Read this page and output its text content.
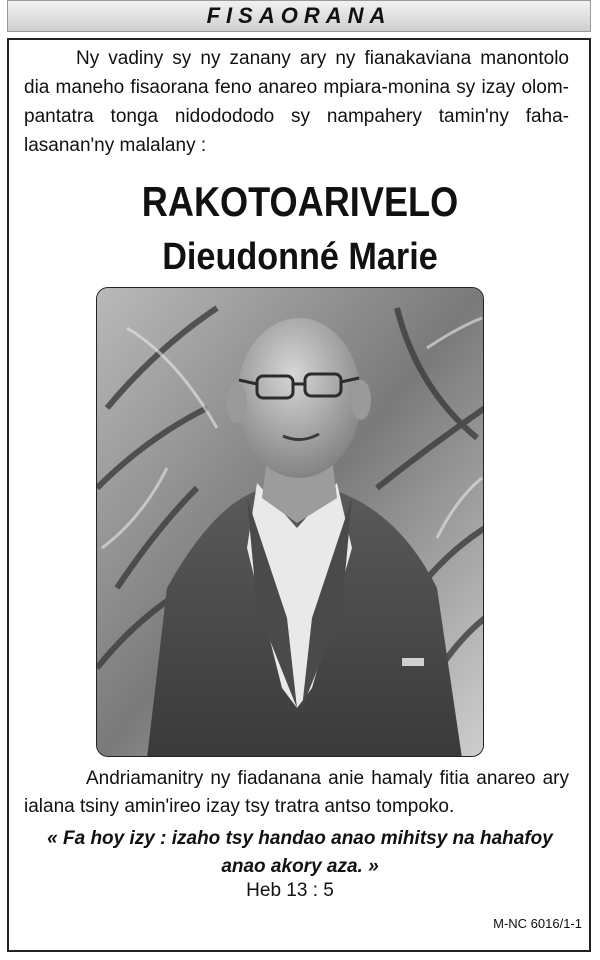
FISAORANA

Ny vadiny sy ny zanany ary ny fianakaviana manontolo dia maneho fisaorana feno anareo mpiara-monina sy izay olom-pantatra tonga nidodododo sy nampahery tamin'ny faha-lasanan'ny malalany :

RAKOTOARIVELO
Dieudonné Marie

Andriamanitry ny fiadanana anie hamaly fitia anareo ary ialana tsiny amin'ireo izay tsy tratra antso tompoko.

« Fa hoy izy : izaho tsy handao anao mihitsy na hahafoy
anao akory aza. »

Heb 13 : 5

M-NC 6016/1-1
